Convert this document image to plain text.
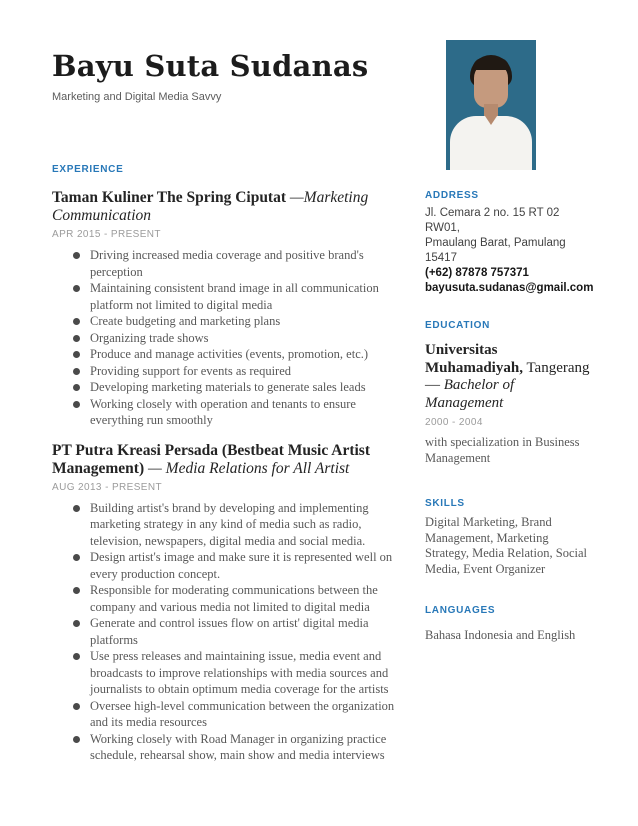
Bayu Suta Sudanas
Marketing and Digital Media Savvy
EXPERIENCE
Taman Kuliner The Spring Ciputat —Marketing Communication
APR 2015 - PRESENT
Driving increased media coverage and positive brand's perception
Maintaining consistent brand image in all communication platform not limited to digital media
Create budgeting and marketing plans
Organizing trade shows
Produce and manage activities (events, promotion, etc.)
Providing support for events as required
Developing marketing materials to generate sales leads
Working closely with operation and tenants to ensure everything run smoothly
PT Putra Kreasi Persada (Bestbeat Music Artist Management) — Media Relations for All Artist
AUG 2013 - PRESENT
Building artist's brand by developing and implementing marketing strategy in any kind of media such as radio, television, newspapers, digital media and social media.
Design artist's image and make sure it is represented well on every production concept.
Responsible for moderating communications between the company and various media not limited to digital media
Generate and control issues flow on artist' digital media platforms
Use press releases and maintaining issue, media event and broadcasts to improve relationships with media sources and journalists to obtain optimum media coverage for the artists
Oversee high-level communication between the organization and its media resources
Working closely with Road Manager in organizing practice schedule, rehearsal show, main show and media interviews
ADDRESS
Jl. Cemara 2 no. 15 RT 02 RW01,
Pmaulang Barat, Pamulang
15417
(+62) 87878 757371
bayusuta.sudanas@gmail.com
EDUCATION
Universitas Muhamadiyah, Tangerang— Bachelor of Management
2000 - 2004
with specialization in Business Management
SKILLS
Digital Marketing, Brand Management, Marketing Strategy, Media Relation, Social Media, Event Organizer
LANGUAGES
Bahasa Indonesia and English
